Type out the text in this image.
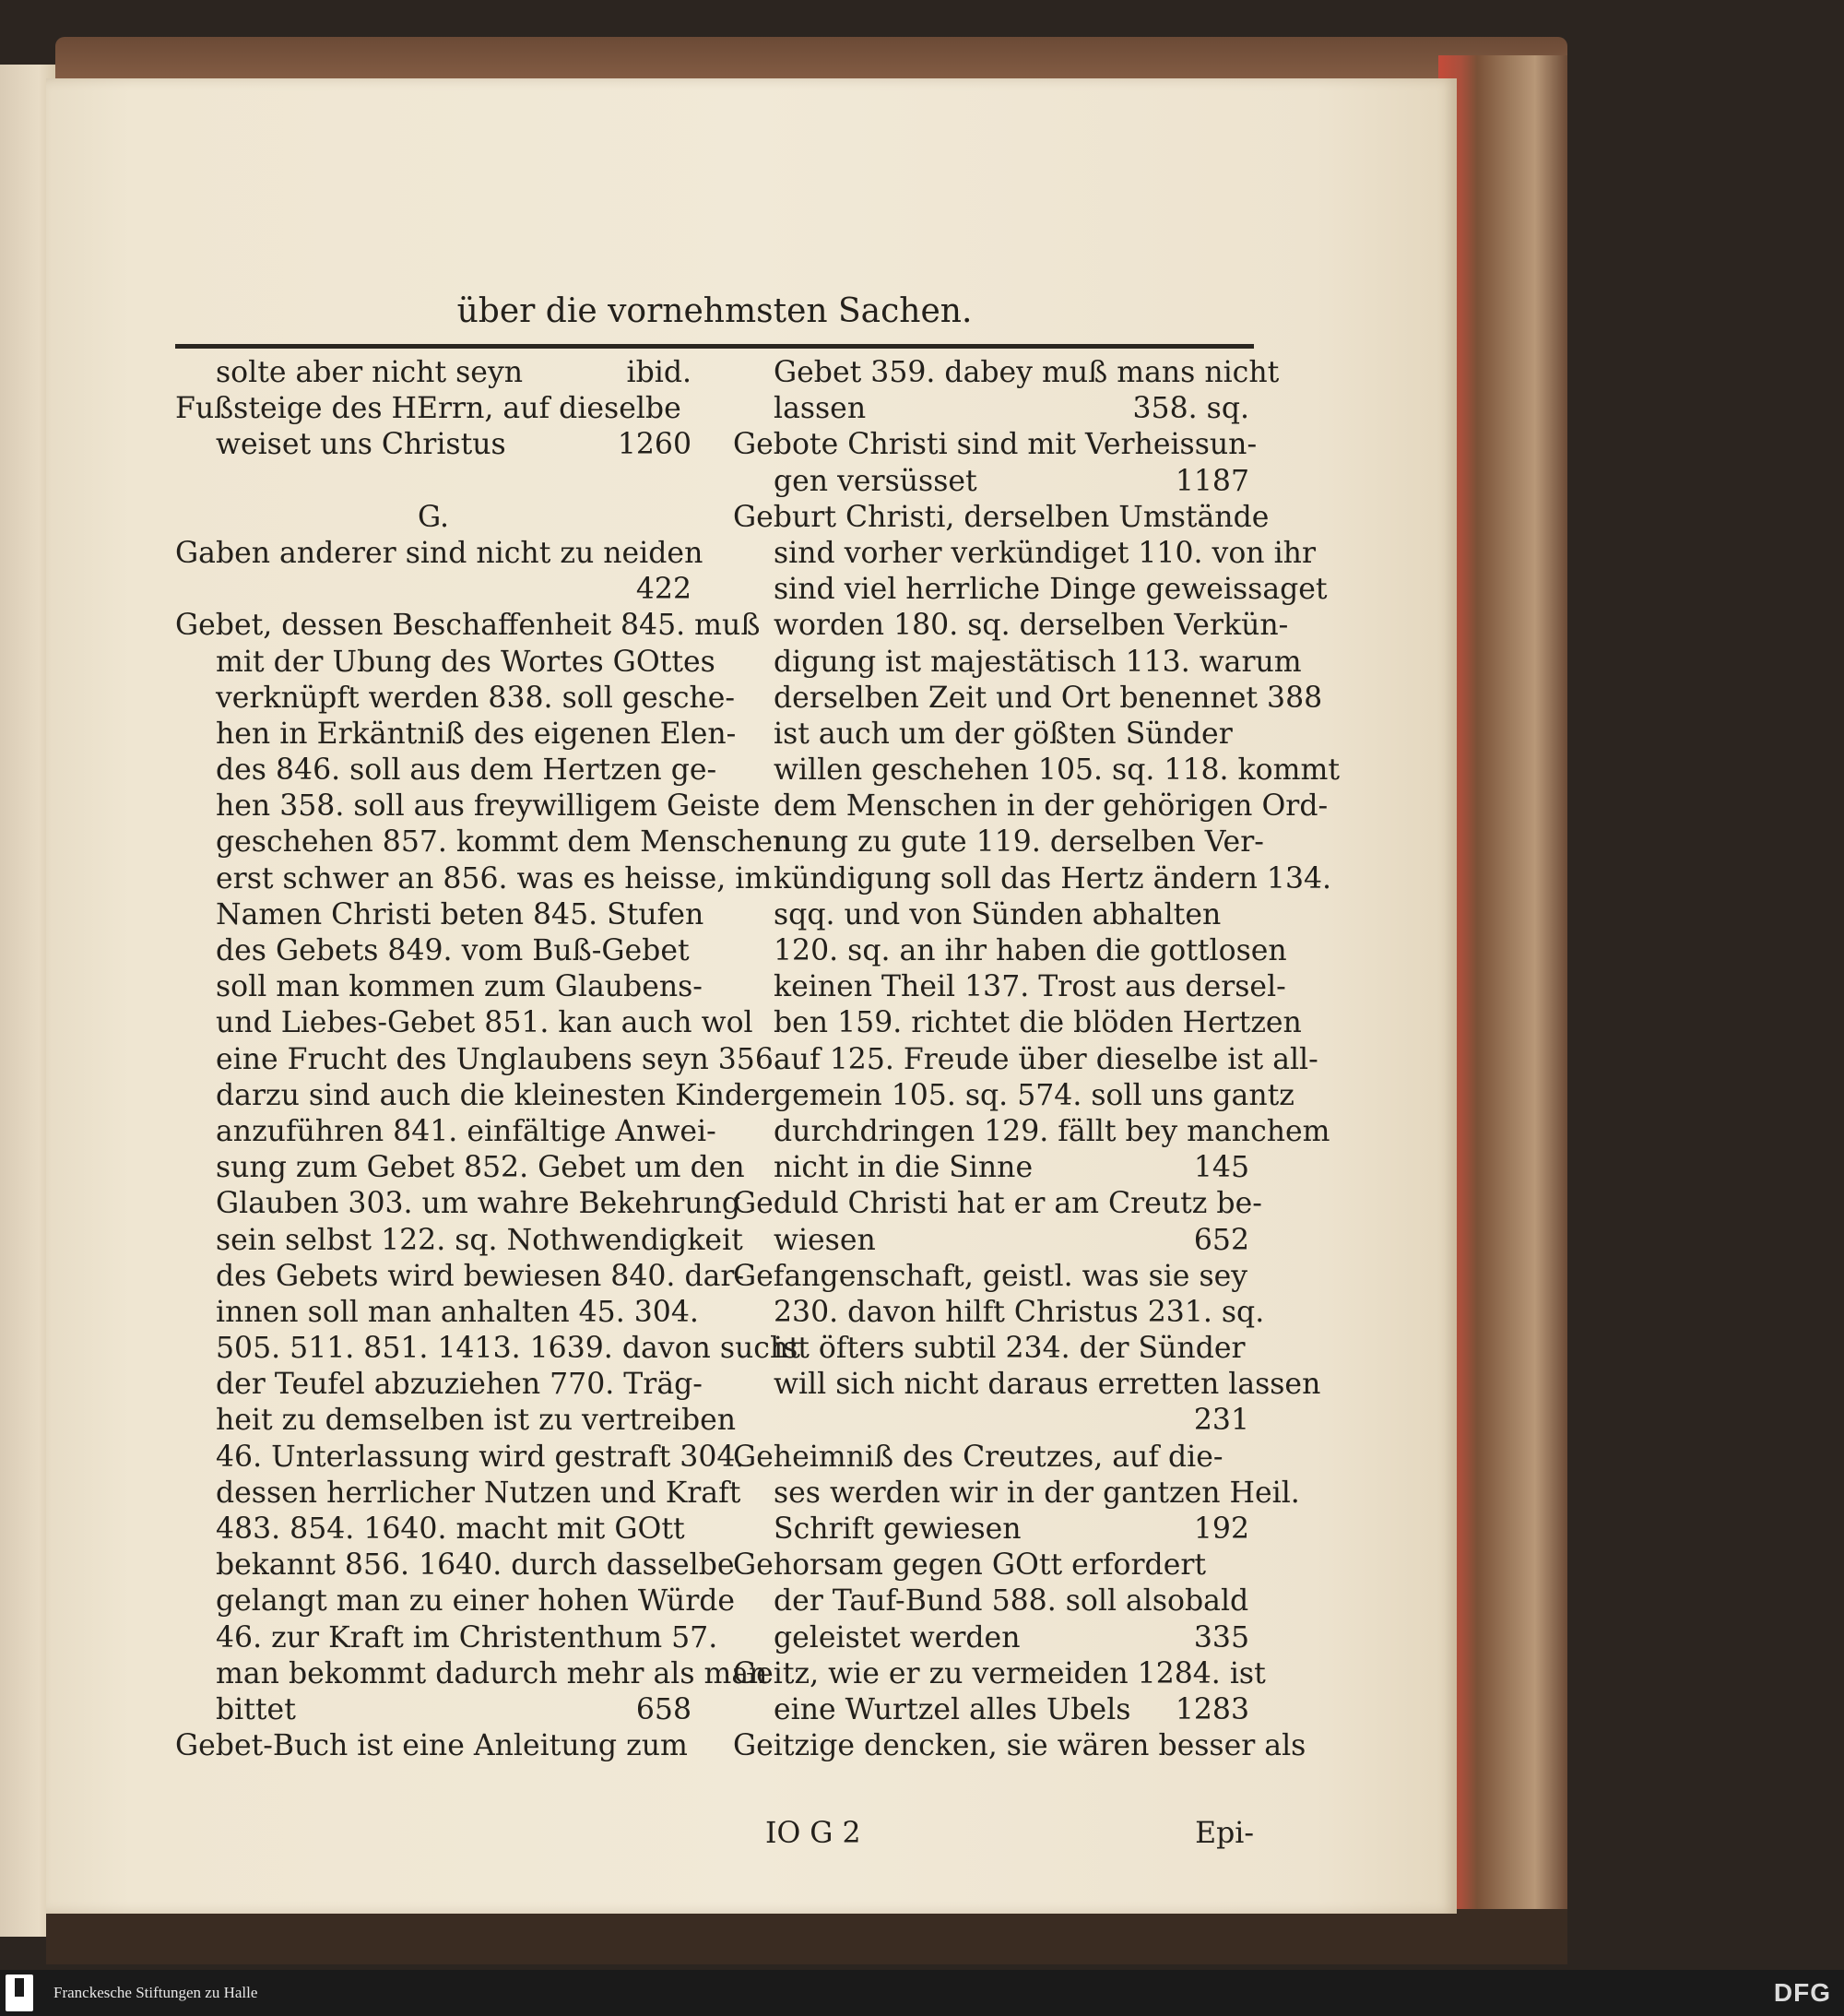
über die vornehmsten Sachen.
solte aber nicht seyn	ibid.
Fußsteige des HErrn, auf dieselbe
weiset uns Christus	1260
G.
Gaben anderer sind nicht zu neiden
422
Gebet, dessen Beschaffenheit 845. muß
mit der Ubung des Wortes GOttes
verknüpft werden 838. soll gesche-
hen in Erkäntniß des eigenen Elen-
des 846. soll aus dem Hertzen ge-
hen 358. soll aus freywilligem Geiste
geschehen 857. kommt dem Menschen
erst schwer an 856. was es heisse, im
Namen Christi beten 845. Stufen
des Gebets 849. vom Buß-Gebet
soll man kommen zum Glaubens-
und Liebes-Gebet 851. kan auch wol
eine Frucht des Unglaubens seyn 356.
darzu sind auch die kleinesten Kinder
anzuführen 841. einfältige Anwei-
sung zum Gebet 852. Gebet um den
Glauben 303. um wahre Bekehrung
sein selbst 122. sq. Nothwendigkeit
des Gebets wird bewiesen 840. dar-
innen soll man anhalten 45. 304.
505. 511. 851. 1413. 1639. davon sucht
der Teufel abzuziehen 770. Träg-
heit zu demselben ist zu vertreiben
46. Unterlassung wird gestraft 304.
dessen herrlicher Nutzen und Kraft
483. 854. 1640. macht mit GOtt
bekannt 856. 1640. durch dasselbe
gelangt man zu einer hohen Würde
46. zur Kraft im Christenthum 57.
man bekommt dadurch mehr als man
bittet	658
Gebet-Buch ist eine Anleitung zum
Gebet 359. dabey muß mans nicht
lassen	358. sq.
Gebote Christi sind mit Verheissun-
gen versüsset	1187
Geburt Christi, derselben Umstände
sind vorher verkündiget 110. von ihr
sind viel herrliche Dinge geweissaget
worden 180. sq. derselben Verkün-
digung ist majestätisch 113. warum
derselben Zeit und Ort benennet 388
ist auch um der gößten Sünder
willen geschehen 105. sq. 118. kommt
dem Menschen in der gehörigen Ord-
nung zu gute 119. derselben Ver-
kündigung soll das Hertz ändern 134.
sqq. und von Sünden abhalten
120. sq. an ihr haben die gottlosen
keinen Theil 137. Trost aus dersel-
ben 159. richtet die blöden Hertzen
auf 125. Freude über dieselbe ist all-
gemein 105. sq. 574. soll uns gantz
durchdringen 129. fällt bey manchem
nicht in die Sinne	145
Geduld Christi hat er am Creutz be-
wiesen	652
Gefangenschaft, geistl. was sie sey
230. davon hilft Christus 231. sq.
ist öfters subtil 234. der Sünder
will sich nicht daraus erretten lassen
231
Geheimniß des Creutzes, auf die-
ses werden wir in der gantzen Heil.
Schrift gewiesen	192
Gehorsam gegen GOtt erfordert
der Tauf-Bund 588. soll alsobald
geleistet werden	335
Geitz, wie er zu vermeiden 1284. ist
eine Wurtzel alles Ubels 1283
Geitzige dencken, sie wären besser als
IO G 2	Epi-
Franckesche Stiftungen zu Halle	DFG
